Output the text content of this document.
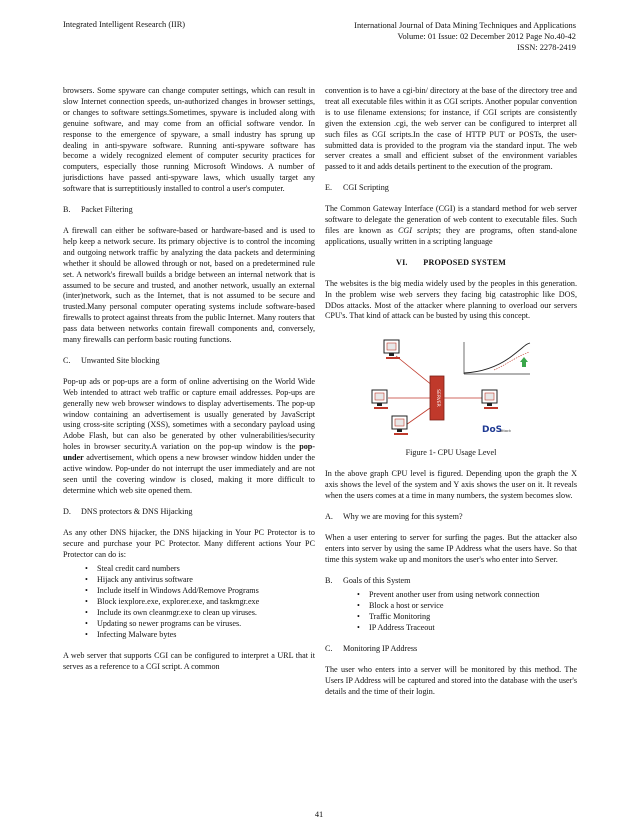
Integrated Intelligent Research (IIR)	International Journal of Data Mining Techniques and Applications
Volume: 01 Issue: 02 December 2012 Page No.40-42
ISSN: 2278-2419

browsers. Some spyware can change computer settings, which can result in slow Internet connection speeds, un-authorized changes in browser settings, or changes to software settings.Sometimes, spyware is included along with genuine software, and may come from an official software vendor. In response to the emergence of spyware, a small industry has sprung up dealing in anti-spyware software. Running anti-spyware software has become a widely recognized element of computer security practices for computers, especially those running Microsoft Windows. A number of jurisdictions have passed anti-spyware laws, which usually target any software that is surreptitiously installed to control a user's computer.

B. Packet Filtering

A firewall can either be software-based or hardware-based and is used to help keep a network secure. Its primary objective is to control the incoming and outgoing network traffic by analyzing the data packets and determining whether it should be allowed through or not, based on a predetermined rule set. A network's firewall builds a bridge between an internal network that is assumed to be secure and trusted, and another network, usually an external (inter)network, such as the Internet, that is not assumed to be secure and trusted.Many personal computer operating systems include software-based firewalls to protect against threats from the public Internet. Many routers that pass data between networks contain firewall components and, conversely, many firewalls can perform basic routing functions.

C. Unwanted Site blocking

Pop-up ads or pop-ups are a form of online advertising on the World Wide Web intended to attract web traffic or capture email addresses. Pop-ups are generally new web browser windows to display advertisements. The pop-up window containing an advertisement is usually generated by JavaScript using cross-site scripting (XSS), sometimes with a secondary payload using Adobe Flash, but can also be generated by other vulnerabilities/security holes in browser security.A variation on the pop-up window is the pop-under advertisement, which opens a new browser window hidden under the active window. Pop-under do not interrupt the user immediately and are not seen until the covering window is closed, making it more difficult to determine which web site opened them.

D. DNS protectors & DNS Hijacking

As any other DNS hijacker, the DNS hijacking in Your PC Protector is to secure and purchase your PC Protector. Many different actions Your PC Protector can do is:

• Steal credit card numbers
• Hijack any antivirus software
• Include itself in Windows Add/Remove Programs
• Block iexplore.exe, explorer.exe, and taskmgr.exe
• Include its own cleanmgr.exe to clean up viruses.
• Updating so newer programs can be viruses.
• Infecting Malware bytes

A web server that supports CGI can be configured to interpret a URL that it serves as a reference to a CGI script. A common

convention is to have a cgi-bin/ directory at the base of the directory tree and treat all executable files within it as CGI scripts. Another popular convention is to use filename extensions; for instance, if CGI scripts are consistently given the extension .cgi, the web server can be configured to interpret all such files as CGI scripts.In the case of HTTP PUT or POSTs, the user-submitted data is provided to the program via the standard input. The web server creates a small and efficient subset of the environment variables passed to it and adds details pertinent to the execution of the program.

E. CGI Scripting

The Common Gateway Interface (CGI) is a standard method for web server software to delegate the generation of web content to executable files. Such files are known as CGI scripts; they are programs, often stand-alone applications, usually written in a scripting language

VI. PROPOSED SYSTEM

The websites is the big media widely used by the peoples in this generation. In the problem wise web servers they facing big catastrophic like DOS, DDos attacks. Most of the attacker where planning to overload our servers CPU's. That kind of attack can be busted by using this concept.

SERVER
DoS
attack
Figure 1- CPU Usage Level

In the above graph CPU level is figured. Depending upon the graph the X axis shows the level of the system and Y axis shows the user on it. It reveals when the users comes at a time in many numbers, the system becomes slow.

A. Why we are moving for this system?

When a user entering to server for surfing the pages. But the attacker also enters into server by using the same IP Address what the users have. So that time this system wake up and monitors the user's who enter into Server.

B. Goals of this System
• Prevent another user from using network connection
• Block a host or service
• Traffic Monitoring
• IP Address Traceout
C. Monitoring IP Address

The user who enters into a server will be monitored by this method. The Users IP Address will be captured and stored into the database with the user's details and the time of their login.

41
